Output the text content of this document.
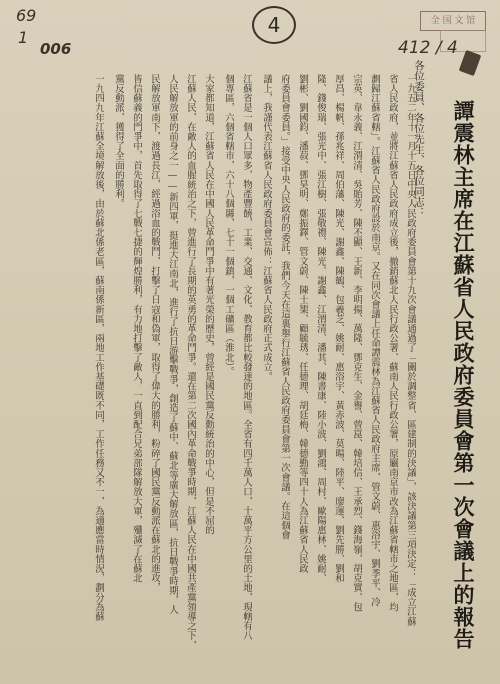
69
1
006
4	全 国 文 馆
412 / 4
譚震林主席在江蘇省人民政府委員會第一次會議上的報告
各位委員、各位先生、各位同志：
一九五二年十一月十五日中央人民政府委員會第十九次會議通過了「關於調整省、區建制的決議」，該決議第三項決定：「成立江蘇
省人民政府，並將江蘇省人民政府成立後，撤銷蘇北人民行政公署、蘇南人民行政公署，原屬南京市改為江蘇省轄市之地區，均
劃歸江蘇省轄」。江蘇省人民政府設於南京。又在同次會議上任命譚震林為江蘇省人民政府主席，管文蔚、惠浴宇、劉季平、冷
宗英、韋永義、江渭清、吳貽芳、陳丕顯、王新、李明揚、萬隆、鄧克生、金譽、曾崑、韓培信、王承烈、錢海嶺、胡克實、包
厚昌、楊帆、孫兆祥、周伯藩、陳光、謝鑫、陳鶴、包羲芝、姚耐、惠浴宇、黃赤波、莫暘、陸平、廖運、劉先勝、劉和
隆、錢俊瑞、張光中、張江樹、張敬禮、陳光、謝鑫、江渭清、潘其、陳書康、陸小波、劉鴻、周村、歐陽惠林、姚耐、
劉彬、劉國鈞、潘菽、鄧昊明、鄭振鐸、管文蔚、陳士榘、顧毓琇、任德理、胡廷梅、韓德勤等四十人為江蘇省人民政
府委員會委員。」接受中央人民政府的委託，我們今天在這裏舉行江蘇省人民政府委員會第一次會議。在這個會
議上，我謹代表江蘇省人民政府委員會宣佈：江蘇省人民政府正式成立。
江蘇省是一個人口眾多，物產豐饒，工業、交通、文化、教育都比較發達的地區。全省有四千萬人口，十萬平方公里的土地，現轄有八
個專區，六個省轄市，六十八個縣，七十一個鎮，一個工礦區（淮北）。
大家都知道，江蘇省人民在中國人民革命鬥爭中有著光榮的歷史，曾經是國民黨反動統治的中心，但是不屈的
江蘇人民，在敵人的血腥統治之下，曾進行了長期的英勇的革命鬥爭。還在第二次國內革命戰爭時期，江蘇人民在中國共產黨領導之下，
人民解放軍的前身之一——新四軍，挺進大江南北，進行了抗日游擊戰爭，創造了蘇中、蘇北等廣大解放區，抗日戰爭時期，人
民解放軍南下，渡過長江，經過浴血的戰鬥，打擊了日寇和偽軍，取得了偉大的勝利，粉碎了國民黨反動派在蘇北的進攻，
皆信蘇義的門爭中，首先取得了七戰七捷的輝煌勝利，有力地打擊了敵人，一直到配合兄弟部隊解放大軍，殲滅了在蘇北
黨反動派，獲得了全面的勝利。
一九四九年江蘇全境解放後，由於蘇北係老區，蘇南係新區，兩地工作基礎既不同，工作任務又不一，為適應當時情況，劃分為蘇
